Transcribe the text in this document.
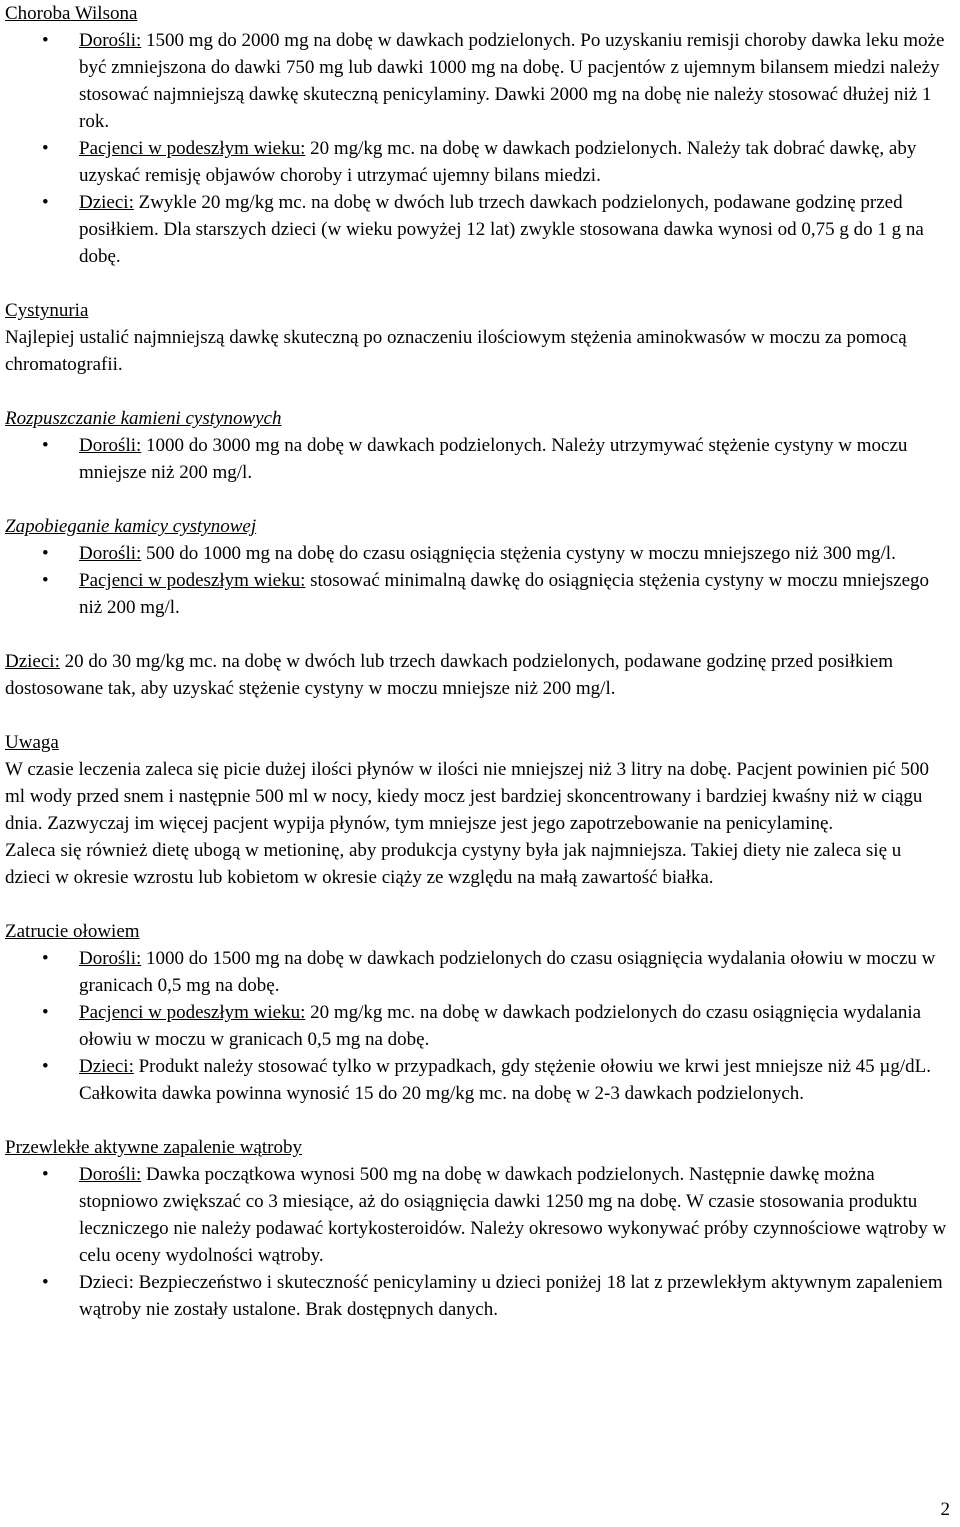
Choroba Wilsona

• Dorośli: 1500 mg do 2000 mg na dobę w dawkach podzielonych. Po uzyskaniu remisji choroby dawka leku może być zmniejszona do dawki 750 mg lub dawki 1000 mg na dobę. U pacjentów z ujemnym bilansem miedzi należy stosować najmniejszą dawkę skuteczną penicylaminy. Dawki 2000 mg na dobę nie należy stosować dłużej niż 1 rok.
• Pacjenci w podeszłym wieku: 20 mg/kg mc. na dobę w dawkach podzielonych. Należy tak dobrać dawkę, aby uzyskać remisję objawów choroby i utrzymać ujemny bilans miedzi.
• Dzieci: Zwykle 20 mg/kg mc. na dobę w dwóch lub trzech dawkach podzielonych, podawane godzinę przed posiłkiem. Dla starszych dzieci (w wieku powyżej 12 lat) zwykle stosowana dawka wynosi od 0,75 g do 1 g na dobę.

Cystynuria

Najlepiej ustalić najmniejszą dawkę skuteczną po oznaczeniu ilościowym stężenia aminokwasów w moczu za pomocą chromatografii.

Rozpuszczanie kamieni cystynowych

• Dorośli: 1000 do 3000 mg na dobę w dawkach podzielonych. Należy utrzymywać stężenie cystyny w moczu mniejsze niż 200 mg/l.

Zapobieganie kamicy cystynowej

• Dorośli: 500 do 1000 mg na dobę do czasu osiągnięcia stężenia cystyny w moczu mniejszego niż 300 mg/l.
• Pacjenci w podeszłym wieku: stosować minimalną dawkę do osiągnięcia stężenia cystyny w moczu mniejszego niż 200 mg/l.

Dzieci: 20 do 30 mg/kg mc. na dobę w dwóch lub trzech dawkach podzielonych, podawane godzinę przed posiłkiem dostosowane tak, aby uzyskać stężenie cystyny w moczu mniejsze niż 200 mg/l.

Uwaga

W czasie leczenia zaleca się picie dużej ilości płynów w ilości nie mniejszej niż 3 litry na dobę. Pacjent powinien pić 500 ml wody przed snem i następnie 500 ml w nocy, kiedy mocz jest bardziej skoncentrowany i bardziej kwaśny niż w ciągu dnia. Zazwyczaj im więcej pacjent wypija płynów, tym mniejsze jest jego zapotrzebowanie na penicylaminę.

Zaleca się również dietę ubogą w metioninę, aby produkcja cystyny była jak najmniejsza. Takiej diety nie zaleca się u dzieci w okresie wzrostu lub kobietom w okresie ciąży ze względu na małą zawartość białka.

Zatrucie ołowiem

• Dorośli: 1000 do 1500 mg na dobę w dawkach podzielonych do czasu osiągnięcia wydalania ołowiu w moczu w granicach 0,5 mg na dobę.
• Pacjenci w podeszłym wieku: 20 mg/kg mc. na dobę w dawkach podzielonych do czasu osiągnięcia wydalania ołowiu w moczu w granicach 0,5 mg na dobę.
• Dzieci: Produkt należy stosować tylko w przypadkach, gdy stężenie ołowiu we krwi jest mniejsze niż 45 µg/dL. Całkowita dawka powinna wynosić 15 do 20 mg/kg mc. na dobę w 2-3 dawkach podzielonych.

Przewlekłe aktywne zapalenie wątroby

• Dorośli: Dawka początkowa wynosi 500 mg na dobę w dawkach podzielonych. Następnie dawkę można stopniowo zwiększać co 3 miesiące, aż do osiągnięcia dawki 1250 mg na dobę. W czasie stosowania produktu leczniczego nie należy podawać kortykosteroidów. Należy okresowo wykonywać próby czynnościowe wątroby w celu oceny wydolności wątroby.
• Dzieci: Bezpieczeństwo i skuteczność penicylaminy u dzieci poniżej 18 lat z przewlekłym aktywnym zapaleniem wątroby nie zostały ustalone. Brak dostępnych danych.
2
